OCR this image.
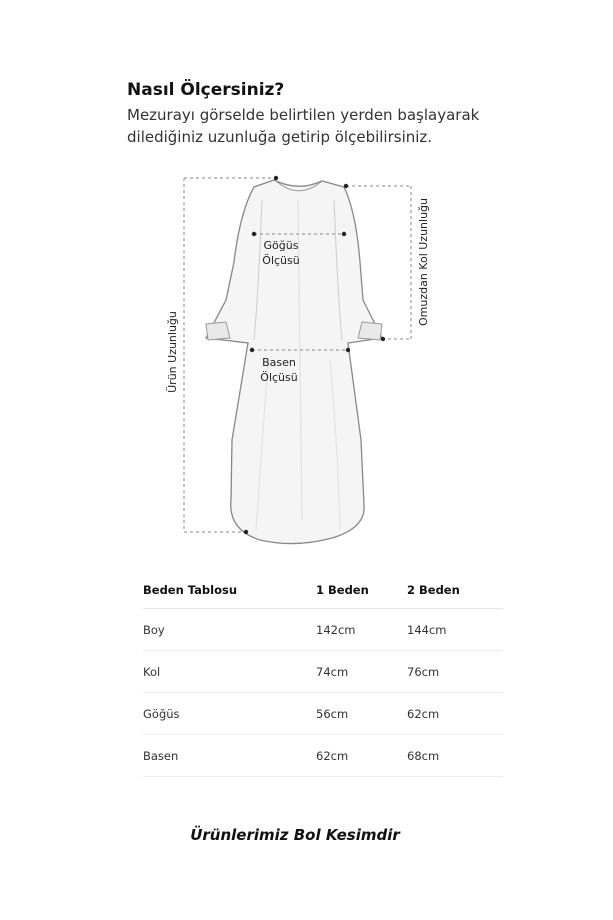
Nasıl Ölçersiniz?
Mezurayı görselde belirtilen yerden başlayarak
dilediğiniz uzunluğa getirip ölçebilirsiniz.
Göğüs
Ölçüsü
Basen
Ölçüsü
Ürün Uzunluğu
Omuzdan Kol Uzunluğu
Beden Tablosu	1 Beden	2 Beden
Boy	142cm	144cm
Kol	74cm	76cm
Göğüs	56cm	62cm
Basen	62cm	68cm
Ürünlerimiz Bol Kesimdir
